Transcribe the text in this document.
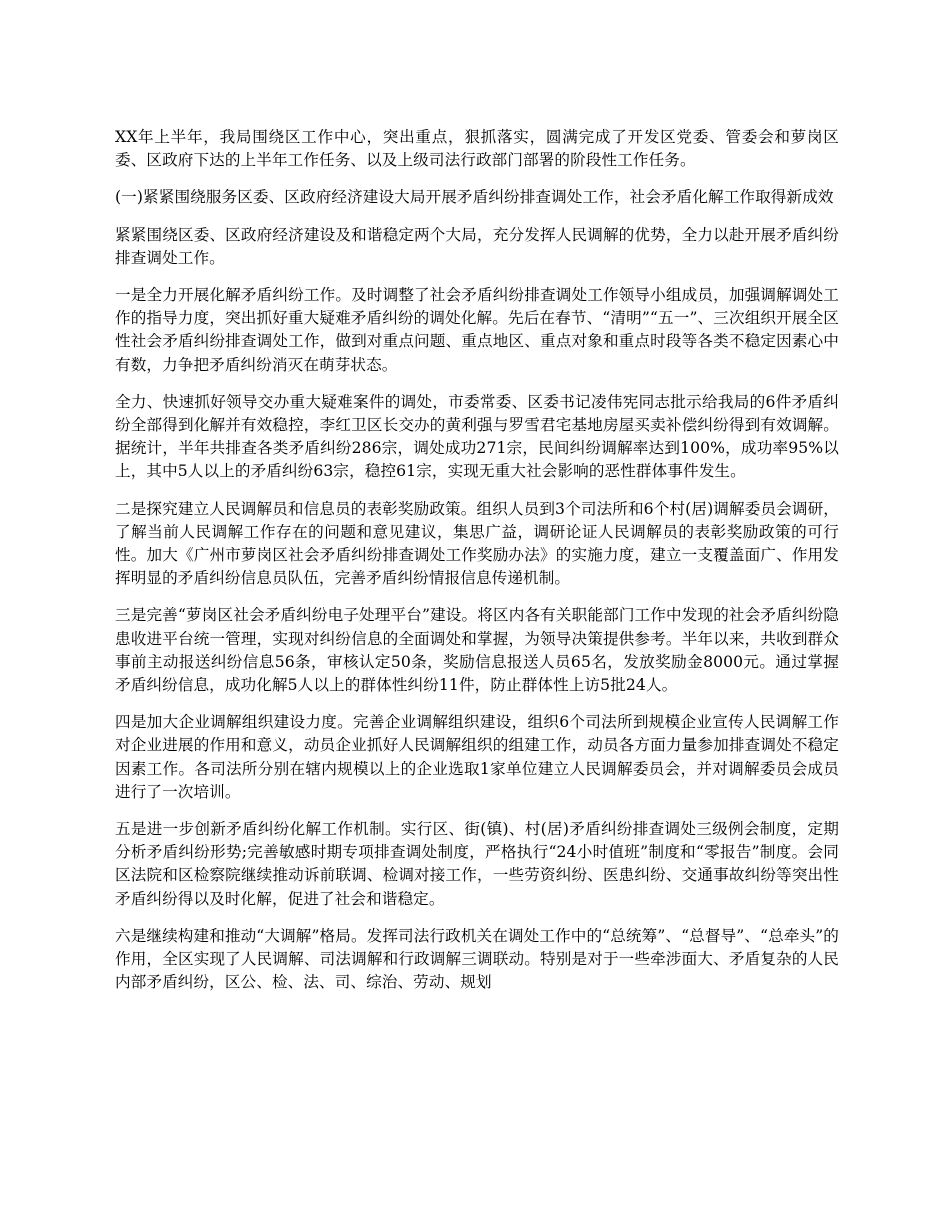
XX年上半年，我局围绕区工作中心，突出重点，狠抓落实，圆满完成了开发区党委、管委会和萝岗区委、区政府下达的上半年工作任务、以及上级司法行政部门部署的阶段性工作任务。

(一)紧紧围绕服务区委、区政府经济建设大局开展矛盾纠纷排查调处工作，社会矛盾化解工作取得新成效

紧紧围绕区委、区政府经济建设及和谐稳定两个大局，充分发挥人民调解的优势，全力以赴开展矛盾纠纷排查调处工作。

一是全力开展化解矛盾纠纷工作。及时调整了社会矛盾纠纷排查调处工作领导小组成员，加强调解调处工作的指导力度，突出抓好重大疑难矛盾纠纷的调处化解。先后在春节、“清明”“五一”、三次组织开展全区性社会矛盾纠纷排查调处工作，做到对重点问题、重点地区、重点对象和重点时段等各类不稳定因素心中有数，力争把矛盾纠纷消灭在萌芽状态。

全力、快速抓好领导交办重大疑难案件的调处，市委常委、区委书记凌伟宪同志批示给我局的6件矛盾纠纷全部得到化解并有效稳控，李红卫区长交办的黄利强与罗雪君宅基地房屋买卖补偿纠纷得到有效调解。据统计，半年共排查各类矛盾纠纷286宗，调处成功271宗，民间纠纷调解率达到100%，成功率95%以上，其中5人以上的矛盾纠纷63宗，稳控61宗，实现无重大社会影响的恶性群体事件发生。

二是探究建立人民调解员和信息员的表彰奖励政策。组织人员到3个司法所和6个村(居)调解委员会调研，了解当前人民调解工作存在的问题和意见建议，集思广益，调研论证人民调解员的表彰奖励政策的可行性。加大《广州市萝岗区社会矛盾纠纷排查调处工作奖励办法》的实施力度，建立一支覆盖面广、作用发挥明显的矛盾纠纷信息员队伍，完善矛盾纠纷情报信息传递机制。

三是完善“萝岗区社会矛盾纠纷电子处理平台”建设。将区内各有关职能部门工作中发现的社会矛盾纠纷隐患收进平台统一管理，实现对纠纷信息的全面调处和掌握，为领导决策提供参考。半年以来，共收到群众事前主动报送纠纷信息56条，审核认定50条，奖励信息报送人员65名，发放奖励金8000元。通过掌握矛盾纠纷信息，成功化解5人以上的群体性纠纷11件，防止群体性上访5批24人。

四是加大企业调解组织建设力度。完善企业调解组织建设，组织6个司法所到规模企业宣传人民调解工作对企业进展的作用和意义，动员企业抓好人民调解组织的组建工作，动员各方面力量参加排查调处不稳定因素工作。各司法所分别在辖内规模以上的企业选取1家单位建立人民调解委员会，并对调解委员会成员进行了一次培训。

五是进一步创新矛盾纠纷化解工作机制。实行区、街(镇)、村(居)矛盾纠纷排查调处三级例会制度，定期分析矛盾纠纷形势;完善敏感时期专项排查调处制度，严格执行“24小时值班”制度和“零报告”制度。会同区法院和区检察院继续推动诉前联调、检调对接工作，一些劳资纠纷、医患纠纷、交通事故纠纷等突出性矛盾纠纷得以及时化解，促进了社会和谐稳定。

六是继续构建和推动“大调解”格局。发挥司法行政机关在调处工作中的“总统筹”、“总督导”、“总牵头”的作用，全区实现了人民调解、司法调解和行政调解三调联动。特别是对于一些牵涉面大、矛盾复杂的人民内部矛盾纠纷，区公、检、法、司、综治、劳动、规划
